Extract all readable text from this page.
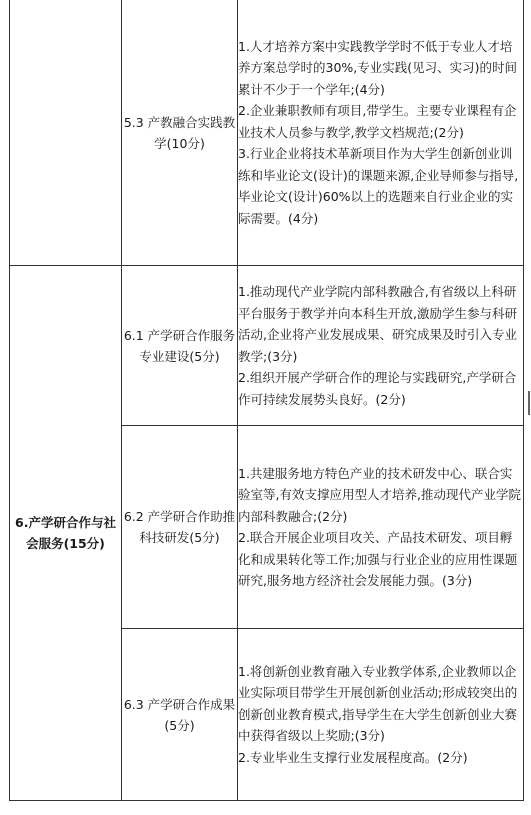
	5.3 产教融合实践教学(10分)	1.人才培养方案中实践教学学时不低于专业人才培养方案总学时的30%,专业实践(见习、实习)的时间累计不少于一个学年;(4分)

2.企业兼职教师有项目,带学生。主要专业课程有企业技术人员参与教学,教学文档规范;(2分)

3.行业企业将技术革新项目作为大学生创新创业训练和毕业论文(设计)的课题来源,企业导师参与指导,毕业论文(设计)60%以上的选题来自行业企业的实际需要。(4分)

6.产学研合作与社会服务(15分)	6.1 产学研合作服务专业建设(5分)	1.推动现代产业学院内部科教融合,有省级以上科研平台服务于教学并向本科生开放,激励学生参与科研活动,企业将产业发展成果、研究成果及时引入专业教学;(3分)

2.组织开展产学研合作的理论与实践研究,产学研合作可持续发展势头良好。(2分)

	6.2 产学研合作助推科技研发(5分)	1.共建服务地方特色产业的技术研发中心、联合实验室等,有效支撑应用型人才培养,推动现代产业学院内部科教融合;(2分)

2.联合开展企业项目攻关、产品技术研发、项目孵化和成果转化等工作;加强与行业企业的应用性课题研究,服务地方经济社会发展能力强。(3分)

	6.3 产学研合作成果(5分)	1.将创新创业教育融入专业教学体系,企业教师以企业实际项目带学生开展创新创业活动;形成较突出的创新创业教育模式,指导学生在大学生创新创业大赛中获得省级以上奖励;(3分)

2.专业毕业生支撑行业发展程度高。(2分)
